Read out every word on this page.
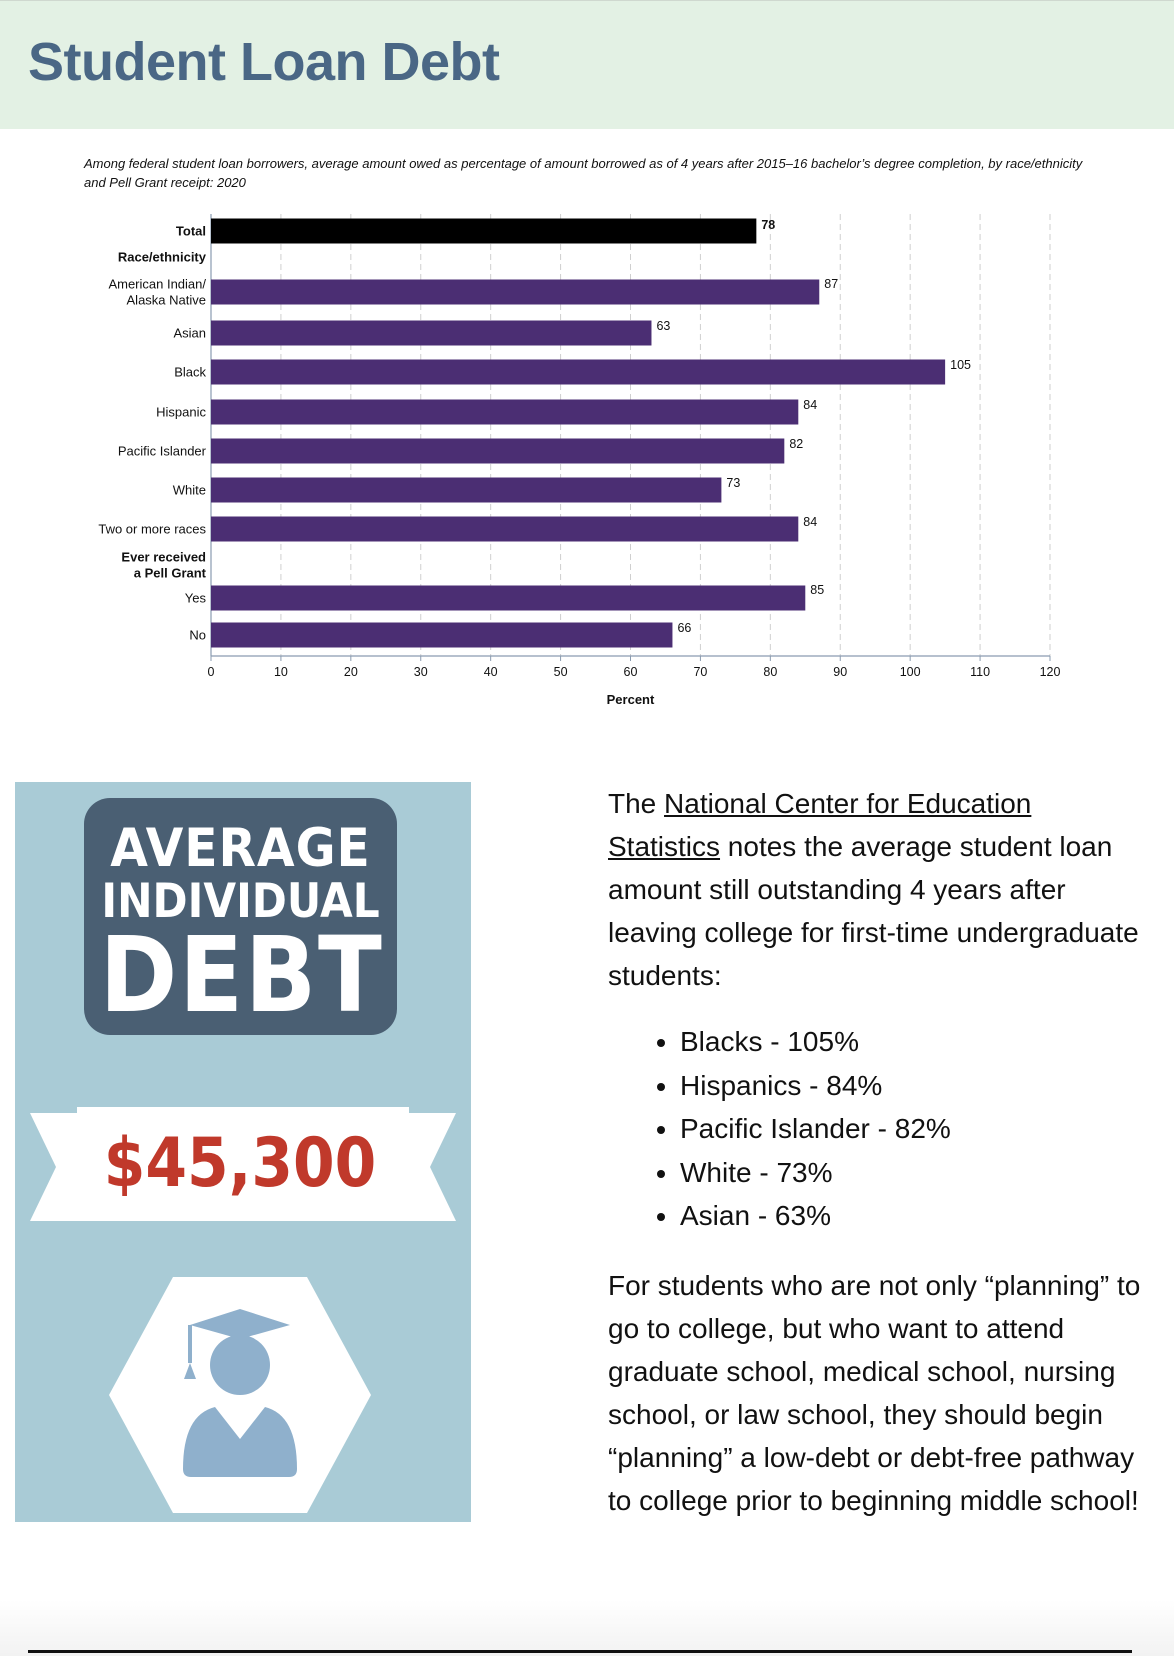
Student Loan Debt
Among federal student loan borrowers, average amount owed as percentage of amount borrowed as of 4 years after 2015–16 bachelor’s degree completion, by race/ethnicity and Pell Grant receipt: 2020
0	10	20	30	40	50	60	70	80	90	100	110	120
Percent
Total	78
Race/ethnicity
American Indian/
Alaska Native
87
Asian	63
Black	105
Hispanic	84
Pacific Islander	82
White	73
Two or more races	84
Ever received
a Pell Grant
Yes
85
No	66
AVERAGE
INDIVIDUAL
DEBT
$45,300

The National Center for Education Statistics notes the average student loan amount still outstanding 4 years after leaving college for first-time undergraduate students:

• Blacks - 105%
• Hispanics - 84%
• Pacific Islander - 82%
• White - 73%
• Asian - 63%

For students who are not only “planning” to go to college, but who want to attend graduate school, medical school, nursing school, or law school, they should begin “planning” a low-debt or debt-free pathway to college prior to beginning middle school!
